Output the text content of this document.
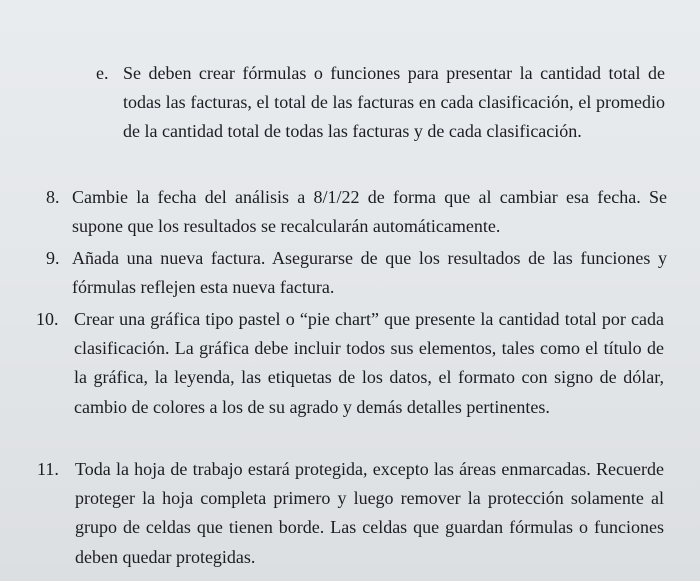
e. Se deben crear fórmulas o funciones para presentar la cantidad total de todas las facturas, el total de las facturas en cada clasificación, el promedio de la cantidad total de todas las facturas y de cada clasificación.
8. Cambie la fecha del análisis a 8/1/22 de forma que al cambiar esa fecha. Se supone que los resultados se recalcularán automáticamente.
9. Añada una nueva factura. Asegurarse de que los resultados de las funciones y fórmulas reflejen esta nueva factura.
10. Crear una gráfica tipo pastel o “pie chart” que presente la cantidad total por cada clasificación. La gráfica debe incluir todos sus elementos, tales como el título de la gráfica, la leyenda, las etiquetas de los datos, el formato con signo de dólar, cambio de colores a los de su agrado y demás detalles pertinentes.
11. Toda la hoja de trabajo estará protegida, excepto las áreas enmarcadas. Recuerde proteger la hoja completa primero y luego remover la protección solamente al grupo de celdas que tienen borde. Las celdas que guardan fórmulas o funciones deben quedar protegidas.
